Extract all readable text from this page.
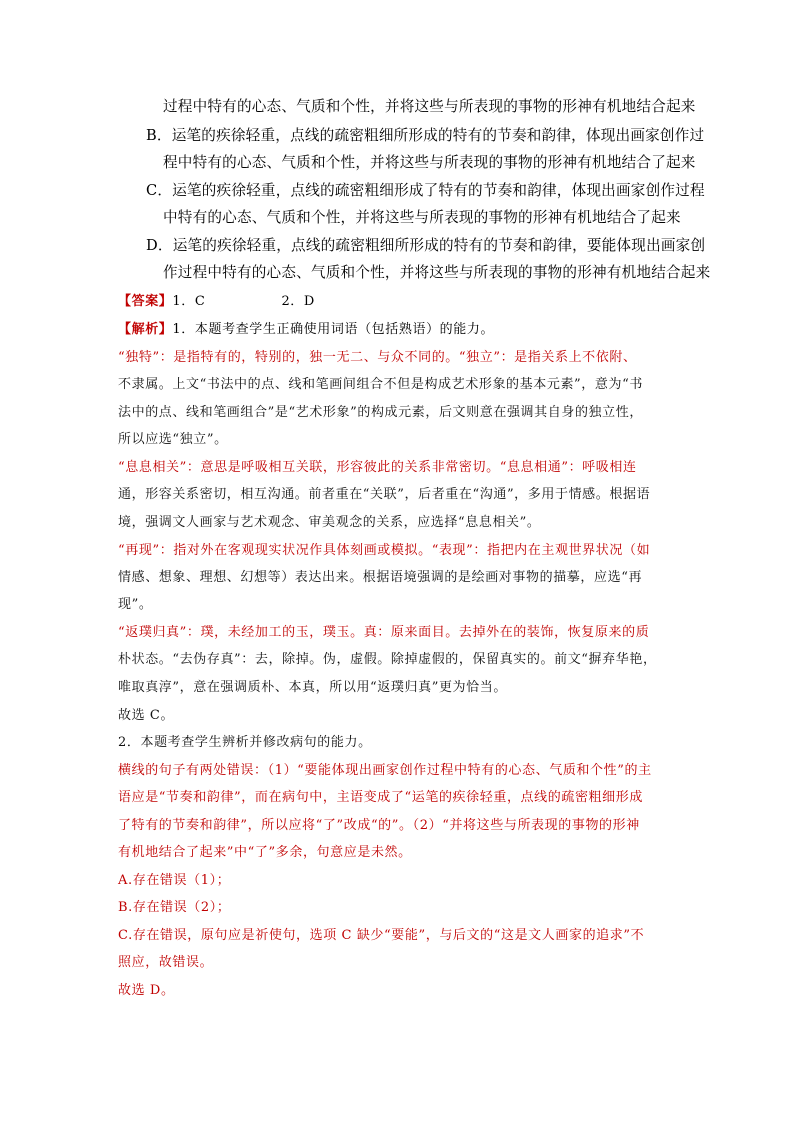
过程中特有的心态、气质和个性，并将这些与所表现的事物的形神有机地结合起来
B．运笔的疾徐轻重，点线的疏密粗细所形成的特有的节奏和韵律，体现出画家创作过
程中特有的心态、气质和个性，并将这些与所表现的事物的形神有机地结合了起来
C．运笔的疾徐轻重，点线的疏密粗细形成了特有的节奏和韵律，体现出画家创作过程
中特有的心态、气质和个性，并将这些与所表现的事物的形神有机地结合了起来
D．运笔的疾徐轻重，点线的疏密粗细所形成的特有的节奏和韵律，要能体现出画家创
作过程中特有的心态、气质和个性，并将这些与所表现的事物的形神有机地结合起来
【答案】1．C	2．D
【解析】1．本题考查学生正确使用词语（包括熟语）的能力。
“独特”：是指特有的，特别的，独一无二、与众不同的。“独立”：是指关系上不依附、
不隶属。上文“书法中的点、线和笔画间组合不但是构成艺术形象的基本元素”，意为“书
法中的点、线和笔画组合”是“艺术形象”的构成元素，后文则意在强调其自身的独立性，
所以应选“独立”。
“息息相关”：意思是呼吸相互关联，形容彼此的关系非常密切。“息息相通”：呼吸相连
通，形容关系密切，相互沟通。前者重在“关联”，后者重在“沟通”，多用于情感。根据语
境，强调文人画家与艺术观念、审美观念的关系，应选择“息息相关”。
“再现”：指对外在客观现实状况作具体刻画或模拟。“表现”：指把内在主观世界状况（如
情感、想象、理想、幻想等）表达出来。根据语境强调的是绘画对事物的描摹，应选“再
现”。
“返璞归真”：璞，未经加工的玉，璞玉。真：原来面目。去掉外在的装饰，恢复原来的质
朴状态。“去伪存真”：去，除掉。伪，虚假。除掉虚假的，保留真实的。前文“摒弃华艳，
唯取真淳”，意在强调质朴、本真，所以用“返璞归真”更为恰当。
故选 C。
2．本题考查学生辨析并修改病句的能力。
横线的句子有两处错误：（1）“要能体现出画家创作过程中特有的心态、气质和个性”的主
语应是“节奏和韵律”，而在病句中，主语变成了“运笔的疾徐轻重，点线的疏密粗细形成
了特有的节奏和韵律”，所以应将“了”改成“的”。（2）“并将这些与所表现的事物的形神
有机地结合了起来”中“了”多余，句意应是未然。
A.存在错误（1）；
B.存在错误（2）；
C.存在错误，原句应是祈使句，选项 C 缺少“要能”，与后文的“这是文人画家的追求”不
照应，故错误。
故选 D。
